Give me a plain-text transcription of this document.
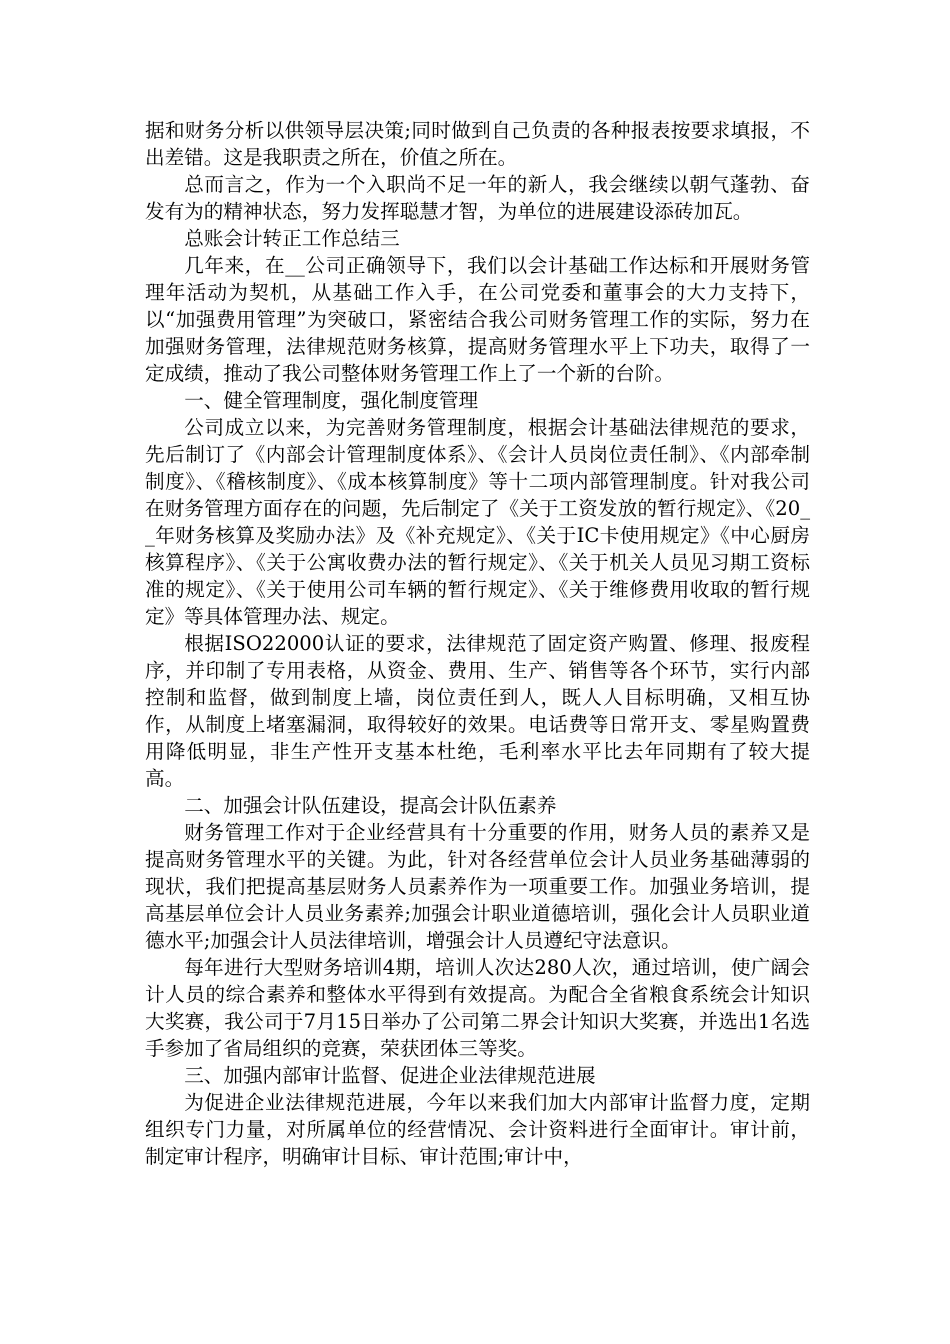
据和财务分析以供领导层决策;同时做到自己负责的各种报表按要求填报，不出差错。这是我职责之所在，价值之所在。

总而言之，作为一个入职尚不足一年的新人，我会继续以朝气蓬勃、奋发有为的精神状态，努力发挥聪慧才智，为单位的进展建设添砖加瓦。

总账会计转正工作总结三

几年来，在__公司正确领导下，我们以会计基础工作达标和开展财务管理年活动为契机，从基础工作入手，在公司党委和董事会的大力支持下，以“加强费用管理”为突破口，紧密结合我公司财务管理工作的实际，努力在加强财务管理，法律规范财务核算，提高财务管理水平上下功夫，取得了一定成绩，推动了我公司整体财务管理工作上了一个新的台阶。

一、健全管理制度，强化制度管理

公司成立以来，为完善财务管理制度，根据会计基础法律规范的要求，先后制订了《内部会计管理制度体系》、《会计人员岗位责任制》、《内部牵制制度》、《稽核制度》、《成本核算制度》等十二项内部管理制度。针对我公司在财务管理方面存在的问题，先后制定了《关于工资发放的暂行规定》、《20__年财务核算及奖励办法》及《补充规定》、《关于IC卡使用规定》《中心厨房核算程序》、《关于公寓收费办法的暂行规定》、《关于机关人员见习期工资标准的规定》、《关于使用公司车辆的暂行规定》、《关于维修费用收取的暂行规定》等具体管理办法、规定。

根据ISO22000认证的要求，法律规范了固定资产购置、修理、报废程序，并印制了专用表格，从资金、费用、生产、销售等各个环节，实行内部控制和监督，做到制度上墙，岗位责任到人，既人人目标明确，又相互协作，从制度上堵塞漏洞，取得较好的效果。电话费等日常开支、零星购置费用降低明显，非生产性开支基本杜绝，毛利率水平比去年同期有了较大提高。

二、加强会计队伍建设，提高会计队伍素养

财务管理工作对于企业经营具有十分重要的作用，财务人员的素养又是提高财务管理水平的关键。为此，针对各经营单位会计人员业务基础薄弱的现状，我们把提高基层财务人员素养作为一项重要工作。加强业务培训，提高基层单位会计人员业务素养;加强会计职业道德培训，强化会计人员职业道德水平;加强会计人员法律培训，增强会计人员遵纪守法意识。

每年进行大型财务培训4期，培训人次达280人次，通过培训，使广阔会计人员的综合素养和整体水平得到有效提高。为配合全省粮食系统会计知识大奖赛，我公司于7月15日举办了公司第二界会计知识大奖赛，并选出1名选手参加了省局组织的竞赛，荣获团体三等奖。

三、加强内部审计监督、促进企业法律规范进展

为促进企业法律规范进展，今年以来我们加大内部审计监督力度，定期组织专门力量，对所属单位的经营情况、会计资料进行全面审计。审计前，制定审计程序，明确审计目标、审计范围;审计中，
